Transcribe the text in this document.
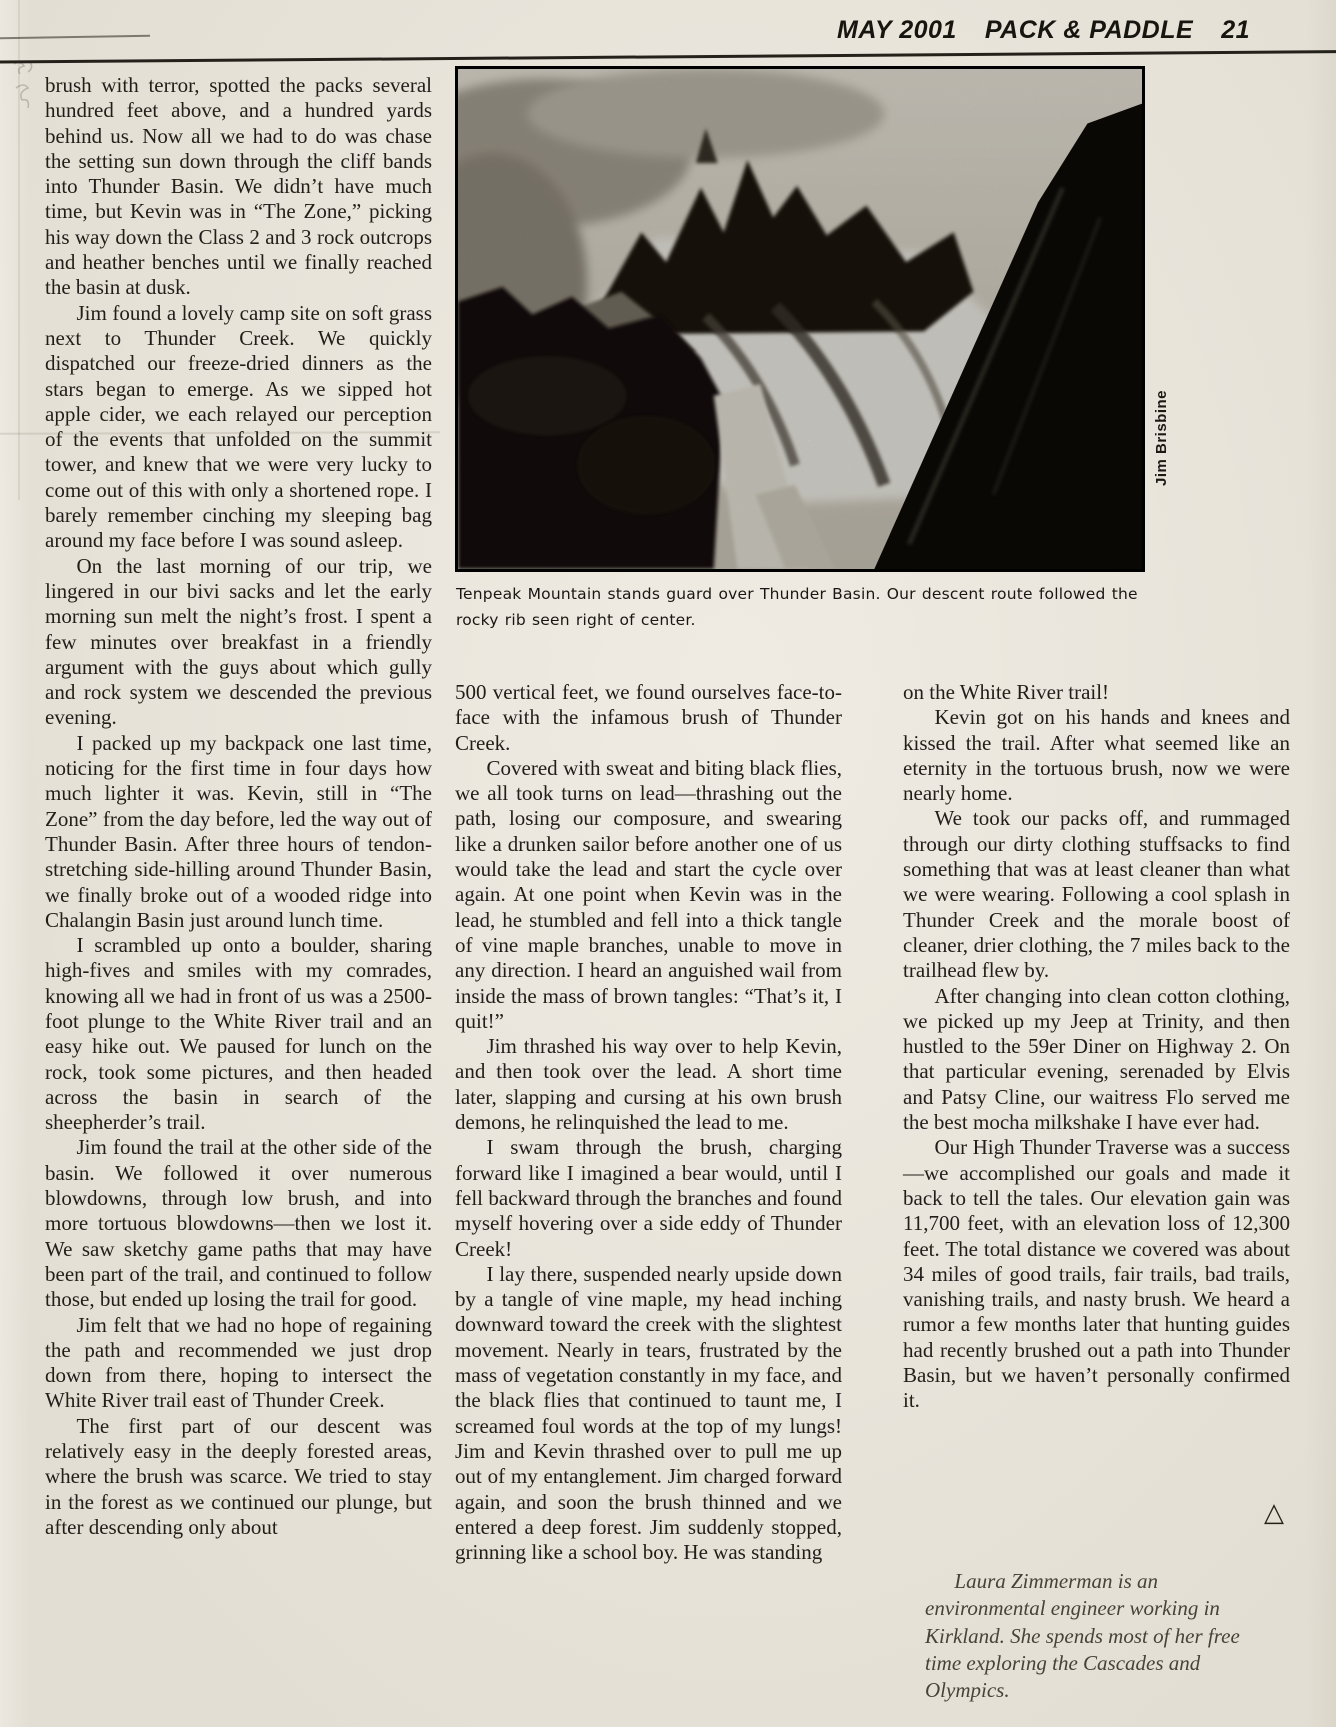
MAY 2001 PACK & PADDLE 21
Jim Brisbine
Tenpeak Mountain stands guard over Thunder Basin. Our descent route followed the rocky rib seen right of center.

brush with terror, spotted the packs several hundred feet above, and a hundred yards behind us. Now all we had to do was chase the setting sun down through the cliff bands into Thunder Basin. We didn’t have much time, but Kevin was in “The Zone,” picking his way down the Class 2 and 3 rock outcrops and heather benches until we finally reached the basin at dusk.

Jim found a lovely camp site on soft grass next to Thunder Creek. We quickly dispatched our freeze-dried dinners as the stars began to emerge. As we sipped hot apple cider, we each relayed our perception of the events that unfolded on the summit tower, and knew that we were very lucky to come out of this with only a shortened rope. I barely remember cinching my sleeping bag around my face before I was sound asleep.

On the last morning of our trip, we lingered in our bivi sacks and let the early morning sun melt the night’s frost. I spent a few minutes over breakfast in a friendly argument with the guys about which gully and rock system we descended the previous evening.

I packed up my backpack one last time, noticing for the first time in four days how much lighter it was. Kevin, still in “The Zone” from the day before, led the way out of Thunder Basin. After three hours of tendon-stretching side-hilling around Thunder Basin, we finally broke out of a wooded ridge into Chalangin Basin just around lunch time.

I scrambled up onto a boulder, sharing high-fives and smiles with my comrades, knowing all we had in front of us was a 2500-foot plunge to the White River trail and an easy hike out. We paused for lunch on the rock, took some pictures, and then headed across the basin in search of the sheepherder’s trail.

Jim found the trail at the other side of the basin. We followed it over numerous blowdowns, through low brush, and into more tortuous blowdowns—then we lost it. We saw sketchy game paths that may have been part of the trail, and continued to follow those, but ended up losing the trail for good.

Jim felt that we had no hope of regaining the path and recommended we just drop down from there, hoping to intersect the White River trail east of Thunder Creek.

The first part of our descent was relatively easy in the deeply forested areas, where the brush was scarce. We tried to stay in the forest as we continued our plunge, but after descending only about

500 vertical feet, we found ourselves face-to-face with the infamous brush of Thunder Creek.

Covered with sweat and biting black flies, we all took turns on lead—thrashing out the path, losing our composure, and swearing like a drunken sailor before another one of us would take the lead and start the cycle over again. At one point when Kevin was in the lead, he stumbled and fell into a thick tangle of vine maple branches, unable to move in any direction. I heard an anguished wail from inside the mass of brown tangles: “That’s it, I quit!”

Jim thrashed his way over to help Kevin, and then took over the lead. A short time later, slapping and cursing at his own brush demons, he relinquished the lead to me.

I swam through the brush, charging forward like I imagined a bear would, until I fell backward through the branches and found myself hovering over a side eddy of Thunder Creek!

I lay there, suspended nearly upside down by a tangle of vine maple, my head inching downward toward the creek with the slightest movement. Nearly in tears, frustrated by the mass of vegetation constantly in my face, and the black flies that continued to taunt me, I screamed foul words at the top of my lungs! Jim and Kevin thrashed over to pull me up out of my entanglement. Jim charged forward again, and soon the brush thinned and we entered a deep forest. Jim suddenly stopped, grinning like a school boy. He was standing

on the White River trail!

Kevin got on his hands and knees and kissed the trail. After what seemed like an eternity in the tortuous brush, now we were nearly home.

We took our packs off, and rummaged through our dirty clothing stuffsacks to find something that was at least cleaner than what we were wearing. Following a cool splash in Thunder Creek and the morale boost of cleaner, drier clothing, the 7 miles back to the trailhead flew by.

After changing into clean cotton clothing, we picked up my Jeep at Trinity, and then hustled to the 59er Diner on Highway 2. On that particular evening, serenaded by Elvis and Patsy Cline, our waitress Flo served me the best mocha milkshake I have ever had.

Our High Thunder Traverse was a success—we accomplished our goals and made it back to tell the tales. Our elevation gain was 11,700 feet, with an elevation loss of 12,300 feet. The total distance we covered was about 34 miles of good trails, fair trails, bad trails, vanishing trails, and nasty brush. We heard a rumor a few months later that hunting guides had recently brushed out a path into Thunder Basin, but we haven’t personally confirmed it.

△
Laura Zimmerman is an environmental engineer working in Kirkland. She spends most of her free time exploring the Cascades and Olympics.
